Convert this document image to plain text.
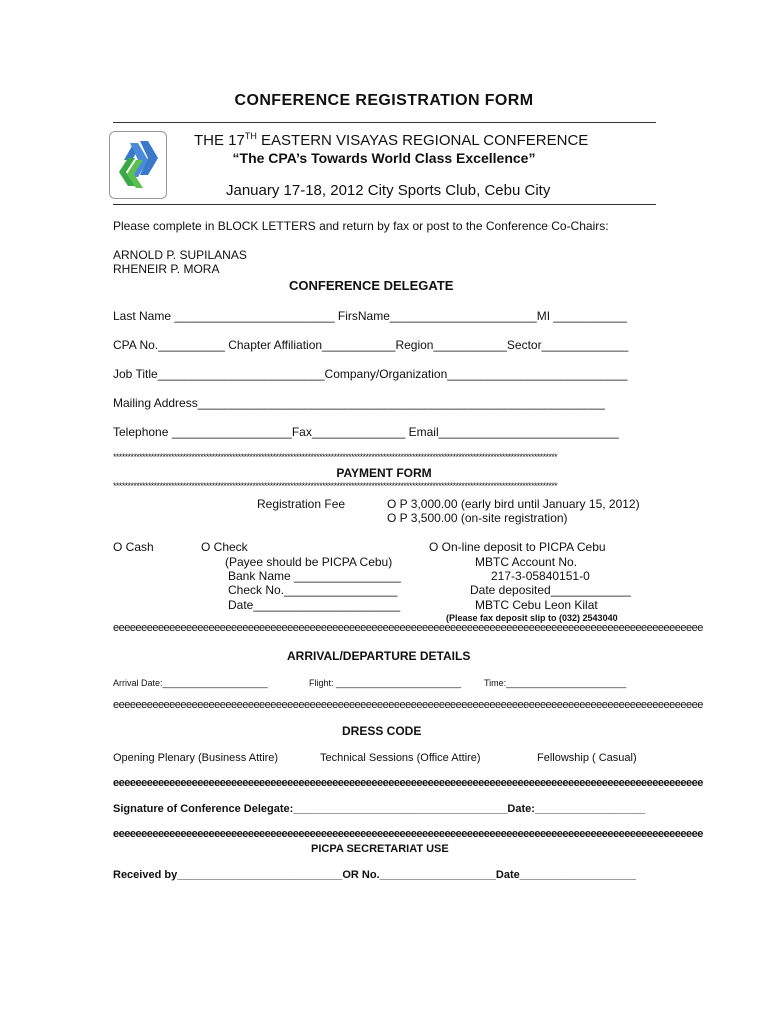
CONFERENCE REGISTRATION FORM
THE 17TH EASTERN VISAYAS REGIONAL CONFERENCE
“The CPA’s Towards World Class Excellence”
January 17-18, 2012 City Sports Club, Cebu City
Please complete in BLOCK LETTERS and return by fax or post to the Conference Co-Chairs:
ARNOLD P. SUPILANAS
RHENEIR P. MORA
CONFERENCE DELEGATE
Last Name ________________________ FirsName______________________MI ___________
CPA No.__________ Chapter Affiliation___________Region___________Sector_____________
Job Title_________________________Company/Organization___________________________
Mailing Address_____________________________________________________________
Telephone __________________Fax______________ Email___________________________
*********************************************************************************************************************************************************
PAYMENT FORM
*********************************************************************************************************************************************************
Registration Fee	O P 3,000.00 (early bird until January 15, 2012)
O P 3,500.00 (on-site registration)
O Cash	O Check
(Payee should be PICPA Cebu)
Bank Name ________________
Check No._________________
Date______________________
O On-line deposit to PICPA Cebu
MBTC Account No.
217-3-05840151-0
Date deposited____________
MBTC Cebu Leon Kilat
(Please fax deposit slip to (032) 2543040
eeeeeeeeeeeeeeeeeeeeeeeeeeeeeeeeeeeeeeeeeeeeeeeeeeeeeeeeeeeeeeeeeeeeeeeeeeeeeeeeeeeeeeeeeeeeeeeeeeeeeeeee
ARRIVAL/DEPARTURE DETAILS
Arrival Date:_____________________	Flight: _________________________	Time:________________________
eeeeeeeeeeeeeeeeeeeeeeeeeeeeeeeeeeeeeeeeeeeeeeeeeeeeeeeeeeeeeeeeeeeeeeeeeeeeeeeeeeeeeeeeeeeeeeeeeeeeeeeee
DRESS CODE
Opening Plenary (Business Attire)	Technical Sessions (Office Attire)	Fellowship ( Casual)
eeeeeeeeeeeeeeeeeeeeeeeeeeeeeeeeeeeeeeeeeeeeeeeeeeeeeeeeeeeeeeeeeeeeeeeeeeeeeeeeeeeeeeeeeeeeeeeeeeeeeeeee
Signature of Conference Delegate:___________________________________Date:__________________
eeeeeeeeeeeeeeeeeeeeeeeeeeeeeeeeeeeeeeeeeeeeeeeeeeeeeeeeeeeeeeeeeeeeeeeeeeeeeeeeeeeeeeeeeeeeeeeeeeeeeeeee
PICPA SECRETARIAT USE
Received by___________________________OR No.___________________Date___________________
